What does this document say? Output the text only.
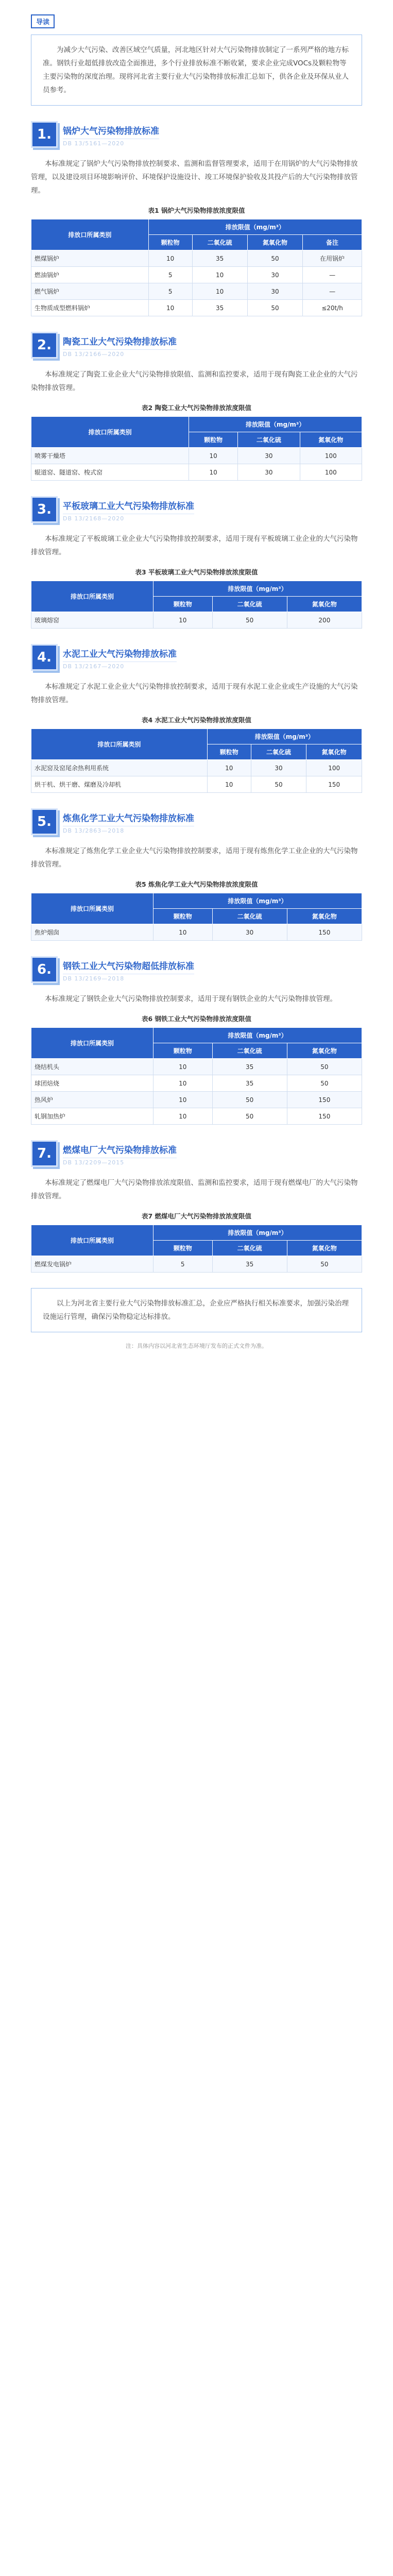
导读

为减少大气污染、改善区域空气质量，河北地区针对大气污染物排放制定了一系列严格的地方标准。钢铁行业超低排放改造全面推进，多个行业排放标准不断收紧，要求企业完成VOCs及颗粒物等主要污染物的深度治理。现将河北省主要行业大气污染物排放标准汇总如下，供各企业及环保从业人员参考。

1.	锅炉大气污染物排放标准
DB 13/5161—2020

本标准规定了锅炉大气污染物排放控制要求、监测和监督管理要求，适用于在用锅炉的大气污染物排放管理，以及建设项目环境影响评价、环境保护设施设计、竣工环境保护验收及其投产后的大气污染物排放管理。

表1 锅炉大气污染物排放浓度限值
排放口所属类别	排放限值（mg/m³）			
	颗粒物	二氧化硫	氮氧化物	备注
燃煤锅炉	10	35	50	在用锅炉
燃油锅炉	5	10	30	—
燃气锅炉	5	10	30	—
生物质成型燃料锅炉	10	35	50	≤20t/h
2.	陶瓷工业大气污染物排放标准
DB 13/2166—2020

本标准规定了陶瓷工业企业大气污染物排放限值、监测和监控要求，适用于现有陶瓷工业企业的大气污染物排放管理。

表2 陶瓷工业大气污染物排放浓度限值
排放口所属类别	排放限值（mg/m³）		
	颗粒物	二氧化硫	氮氧化物
喷雾干燥塔	10	30	100
辊道窑、隧道窑、梭式窑	10	30	100
3.	平板玻璃工业大气污染物排放标准
DB 13/2168—2020

本标准规定了平板玻璃工业企业大气污染物排放控制要求，适用于现有平板玻璃工业企业的大气污染物排放管理。

表3 平板玻璃工业大气污染物排放浓度限值
排放口所属类别	排放限值（mg/m³）		
	颗粒物	二氧化硫	氮氧化物
玻璃熔窑	10	50	200
4.	水泥工业大气污染物排放标准
DB 13/2167—2020

本标准规定了水泥工业企业大气污染物排放控制要求，适用于现有水泥工业企业或生产设施的大气污染物排放管理。

表4 水泥工业大气污染物排放浓度限值
排放口所属类别	排放限值（mg/m³）		
	颗粒物	二氧化硫	氮氧化物
水泥窑及窑尾余热利用系统	10	30	100
烘干机、烘干磨、煤磨及冷却机	10	50	150
5.	炼焦化学工业大气污染物排放标准
DB 13/2863—2018

本标准规定了炼焦化学工业企业大气污染物排放控制要求，适用于现有炼焦化学工业企业的大气污染物排放管理。

表5 炼焦化学工业大气污染物排放浓度限值
排放口所属类别	排放限值（mg/m³）		
	颗粒物	二氧化硫	氮氧化物
焦炉烟囱	10	30	150
6.	钢铁工业大气污染物超低排放标准
DB 13/2169—2018

本标准规定了钢铁企业大气污染物排放控制要求，适用于现有钢铁企业的大气污染物排放管理。

表6 钢铁工业大气污染物排放浓度限值
排放口所属类别	排放限值（mg/m³）		
	颗粒物	二氧化硫	氮氧化物
烧结机头	10	35	50
球团焙烧	10	35	50
热风炉	10	50	150
轧钢加热炉	10	50	150
7.	燃煤电厂大气污染物排放标准
DB 13/2209—2015

本标准规定了燃煤电厂大气污染物排放浓度限值、监测和监控要求，适用于现有燃煤电厂的大气污染物排放管理。

表7 燃煤电厂大气污染物排放浓度限值
排放口所属类别	排放限值（mg/m³）		
	颗粒物	二氧化硫	氮氧化物
燃煤发电锅炉	5	35	50

以上为河北省主要行业大气污染物排放标准汇总，企业应严格执行相关标准要求，加强污染治理设施运行管理，确保污染物稳定达标排放。

注：具体内容以河北省生态环境厅发布的正式文件为准。
